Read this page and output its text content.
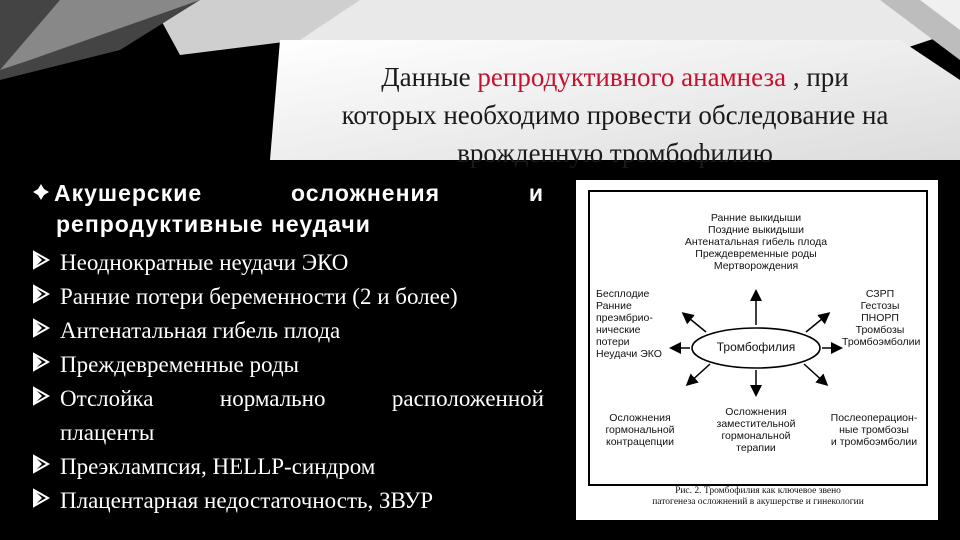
Данные репродуктивного анамнеза , при
которых необходимо провести обследование на
врожденную тромбофилию
Акушерские осложнения и
репродуктивные неудачи
Неоднократные неудачи ЭКО
Ранние потери беременности (2 и более)
Антенатальная гибель плода
Преждевременные роды
Отслойка нормально расположенной
плаценты
Преэклампсия, HELLP-синдром
Плацентарная недостаточность, ЗВУР
Ранние выкидыши
Поздние выкидыши
Антенатальная гибель плода
Преждевременные роды
Мертворождения
Тромбофилия
Бесплодие
Ранние
преэмбрио-
нические
потери
Неудачи ЭКО
СЗРП
Гестозы
ПНОРП
Тромбозы
Тромбоэмболии
Осложнения
гормональной
контрацепции
Осложнения
заместительной
гормональной
терапии
Послеоперацион-
ные тромбозы
и тромбоэмболии
Рис. 2. Тромбофилия как ключевое звено
патогенеза осложнений в акушерстве и гинекологии
